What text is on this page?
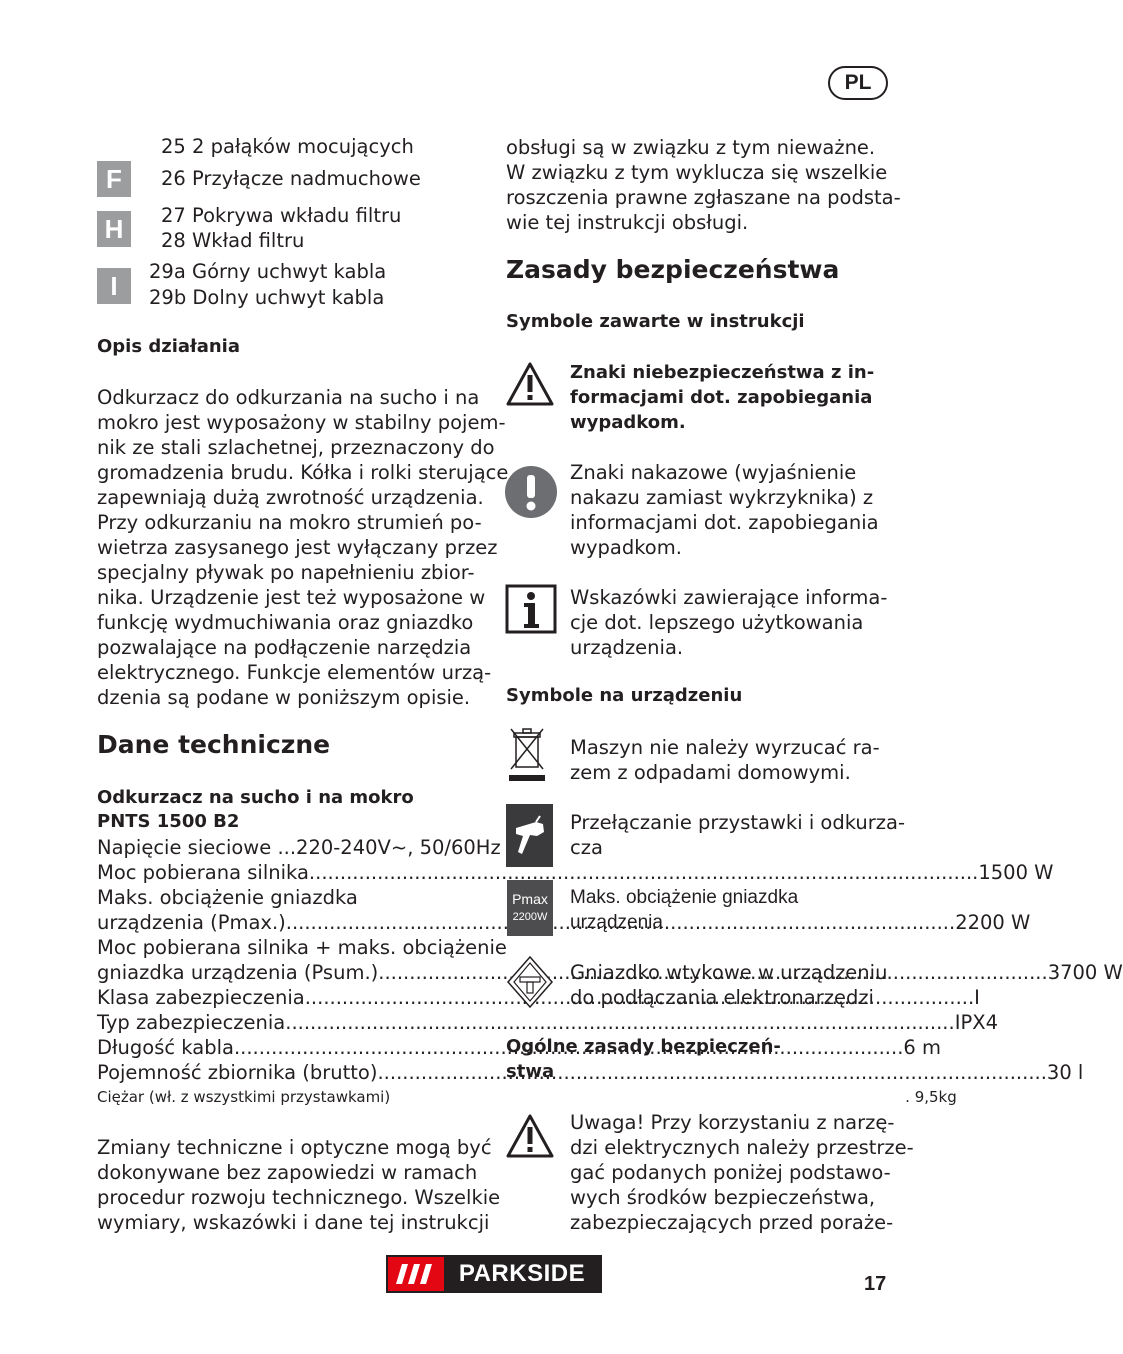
PL
F
H
I
25 2 pałąków mocujących
26 Przyłącze nadmuchowe
27 Pokrywa wkładu filtru
28 Wkład filtru
29a Górny uchwyt kabla
29b Dolny uchwyt kabla
Opis działania
Odkurzacz do odkurzania na sucho i na
mokro jest wyposażony w stabilny pojem-
nik ze stali szlachetnej, przeznaczony do
gromadzenia brudu. Kółka i rolki sterujące
zapewniają dużą zwrotność urządzenia.
Przy odkurzaniu na mokro strumień po-
wietrza zasysanego jest wyłączany przez
specjalny pływak po napełnieniu zbior-
nika. Urządzenie jest też wyposażone w
funkcję wydmuchiwania oraz gniazdko
pozwalające na podłączenie narzędzia
elektrycznego. Funkcje elementów urzą-
dzenia są podane w poniższym opisie.
Dane techniczne
Odkurzacz na sucho i na mokro
PNTS 1500 B2
Napięcie sieciowe ... 220-240V~, 50/60Hz
Moc pobierana silnika .....	1500 W
Maks. obciążenie gniazdka
urządzenia (Pmax.) .....	2200 W
Moc pobierana silnika + maks. obciążenie
gniazdka urządzenia (Psum.) .....	3700 W
Klasa zabezpieczenia .....	I
Typ zabezpieczenia .....	IPX4
Długość kabla .....	6 m
Pojemność zbiornika (brutto) .....	30 l
Ciężar (wł. z wszystkimi przystawkami)	. 9,5kg
Zmiany techniczne i optyczne mogą być
dokonywane bez zapowiedzi w ramach
procedur rozwoju technicznego. Wszelkie
wymiary, wskazówki i dane tej instrukcji
obsługi są w związku z tym nieważne.
W związku z tym wyklucza się wszelkie
roszczenia prawne zgłaszane na podsta-
wie tej instrukcji obsługi.
Zasady bezpieczeństwa
Symbole zawarte w instrukcji
Znaki niebezpieczeństwa z in-
formacjami dot. zapobiegania
wypadkom.
Znaki nakazowe (wyjaśnienie
nakazu zamiast wykrzyknika) z
informacjami dot. zapobiegania
wypadkom.
Wskazówki zawierające informa-
cje dot. lepszego użytkowania
urządzenia.
Symbole na urządzeniu
Maszyn nie należy wyrzucać ra-
zem z odpadami domowymi.
Przełączanie przystawki i odkurza-
cza
Pmax
2200W
Maks. obciążenie gniazdka
urządzenia
Gniazdko wtykowe w urządzeniu
do podłączania elektronarzędzi
Ogólne zasady bezpieczeń-
stwa
Uwaga! Przy korzystaniu z narzę-
dzi elektrycznych należy przestrze-
gać podanych poniżej podstawo-
wych środków bezpieczeństwa,
zabezpieczających przed poraże-
PARKSIDE	17
